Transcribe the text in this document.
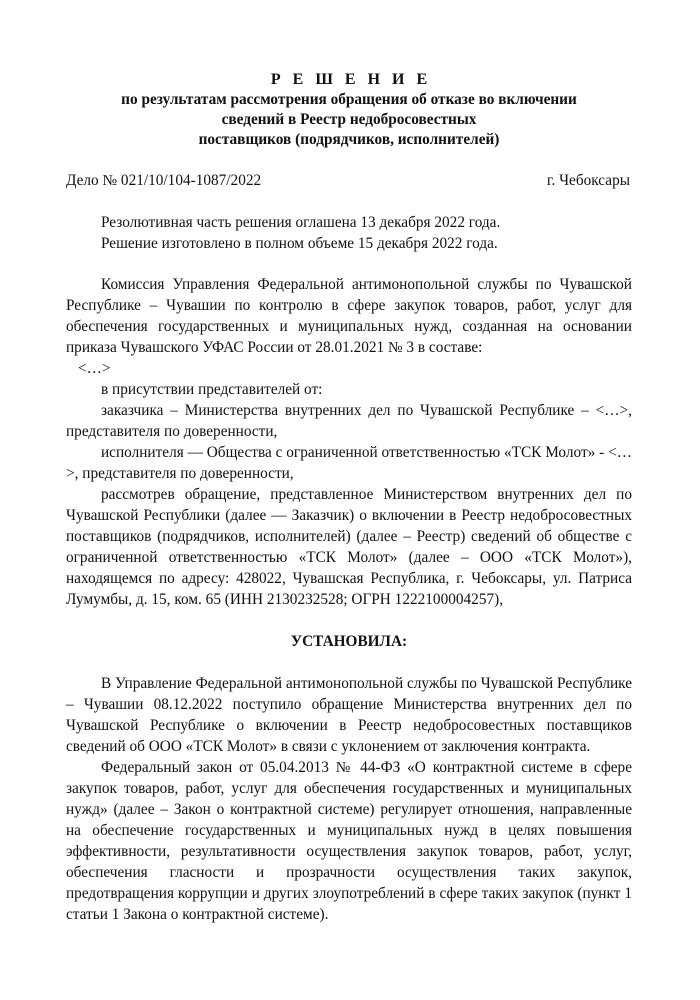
Р Е Ш Е Н И Е
по результатам рассмотрения обращения об отказе во включении
сведений в Реестр недобросовестных
поставщиков (подрядчиков, исполнителей)
Дело № 021/10/104-1087/2022	г. Чебоксары
Резолютивная часть решения оглашена 13 декабря 2022 года.
Решение изготовлено в полном объеме 15 декабря 2022 года.

Комиссия Управления Федеральной антимонопольной службы по Чувашской Республике – Чувашии по контролю в сфере закупок товаров, работ, услуг для обеспечения государственных и муниципальных нужд, созданная на основании приказа Чувашского УФАС России от 28.01.2021 № 3 в составе:

<…>
в присутствии представителей от:

заказчика – Министерства внутренних дел по Чувашской Республике – <…>, представителя по доверенности,

исполнителя — Общества с ограниченной ответственностью «ТСК Молот» - <…>, представителя по доверенности,

рассмотрев обращение, представленное Министерством внутренних дел по Чувашской Республики (далее — Заказчик) о включении в Реестр недобросовестных поставщиков (подрядчиков, исполнителей) (далее – Реестр) сведений об обществе с ограниченной ответственностью «ТСК Молот» (далее – ООО «ТСК Молот»), находящемся по адресу: 428022, Чувашская Республика, г. Чебоксары, ул. Патриса Лумумбы, д. 15, ком. 65 (ИНН 2130232528; ОГРН 1222100004257),

УСТАНОВИЛА:

В Управление Федеральной антимонопольной службы по Чувашской Республике – Чувашии 08.12.2022 поступило обращение Министерства внутренних дел по Чувашской Республике о включении в Реестр недобросовестных поставщиков сведений об ООО «ТСК Молот» в связи с уклонением от заключения контракта.

Федеральный закон от 05.04.2013 № 44-ФЗ «О контрактной системе в сфере закупок товаров, работ, услуг для обеспечения государственных и муниципальных нужд» (далее – Закон о контрактной системе) регулирует отношения, направленные на обеспечение государственных и муниципальных нужд в целях повышения эффективности, результативности осуществления закупок товаров, работ, услуг, обеспечения гласности и прозрачности осуществления таких закупок, предотвращения коррупции и других злоупотреблений в сфере таких закупок (пункт 1 статьи 1 Закона о контрактной системе).
